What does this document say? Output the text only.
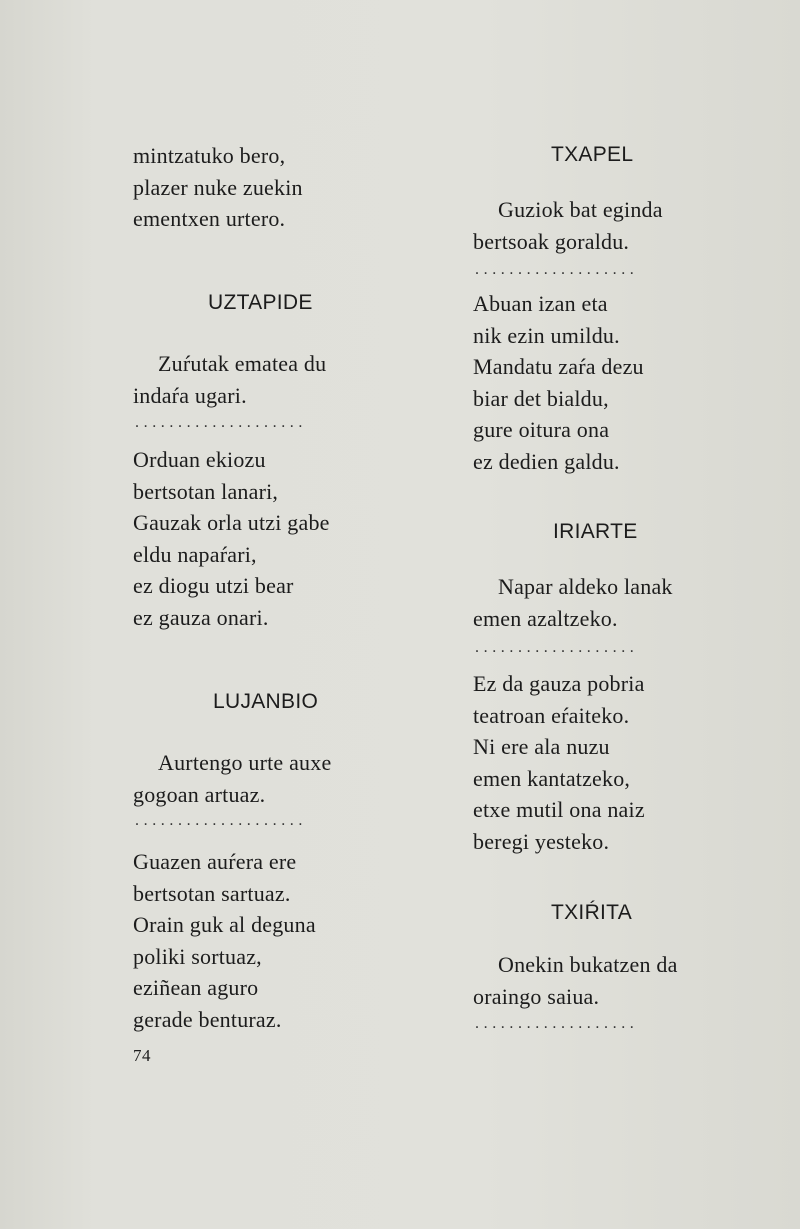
mintzatuko bero,
plazer nuke zuekin
ementxen urtero.
UZTAPIDE
Zuŕutak ematea du
indaŕa ugari.
....................
Orduan ekiozu
bertsotan lanari,
Gauzak orla utzi gabe
eldu napaŕari,
ez diogu utzi bear
ez gauza onari.
LUJANBIO
Aurtengo urte auxe
gogoan artuaz.
....................
Guazen auŕera ere
bertsotan sartuaz.
Orain guk al deguna
poliki sortuaz,
eziñean aguro
gerade benturaz.
TXAPEL
Guziok bat eginda
bertsoak goraldu.
...................
Abuan izan eta
nik ezin umildu.
Mandatu zaŕa dezu
biar det bialdu,
gure oitura ona
ez dedien galdu.
IRIARTE
Napar aldeko lanak
emen azaltzeko.
...................
Ez da gauza pobria
teatroan eŕaiteko.
Ni ere ala nuzu
emen kantatzeko,
etxe mutil ona naiz
beregi yesteko.
TXIŔITA
Onekin bukatzen da
oraingo saiua.
...................
74
